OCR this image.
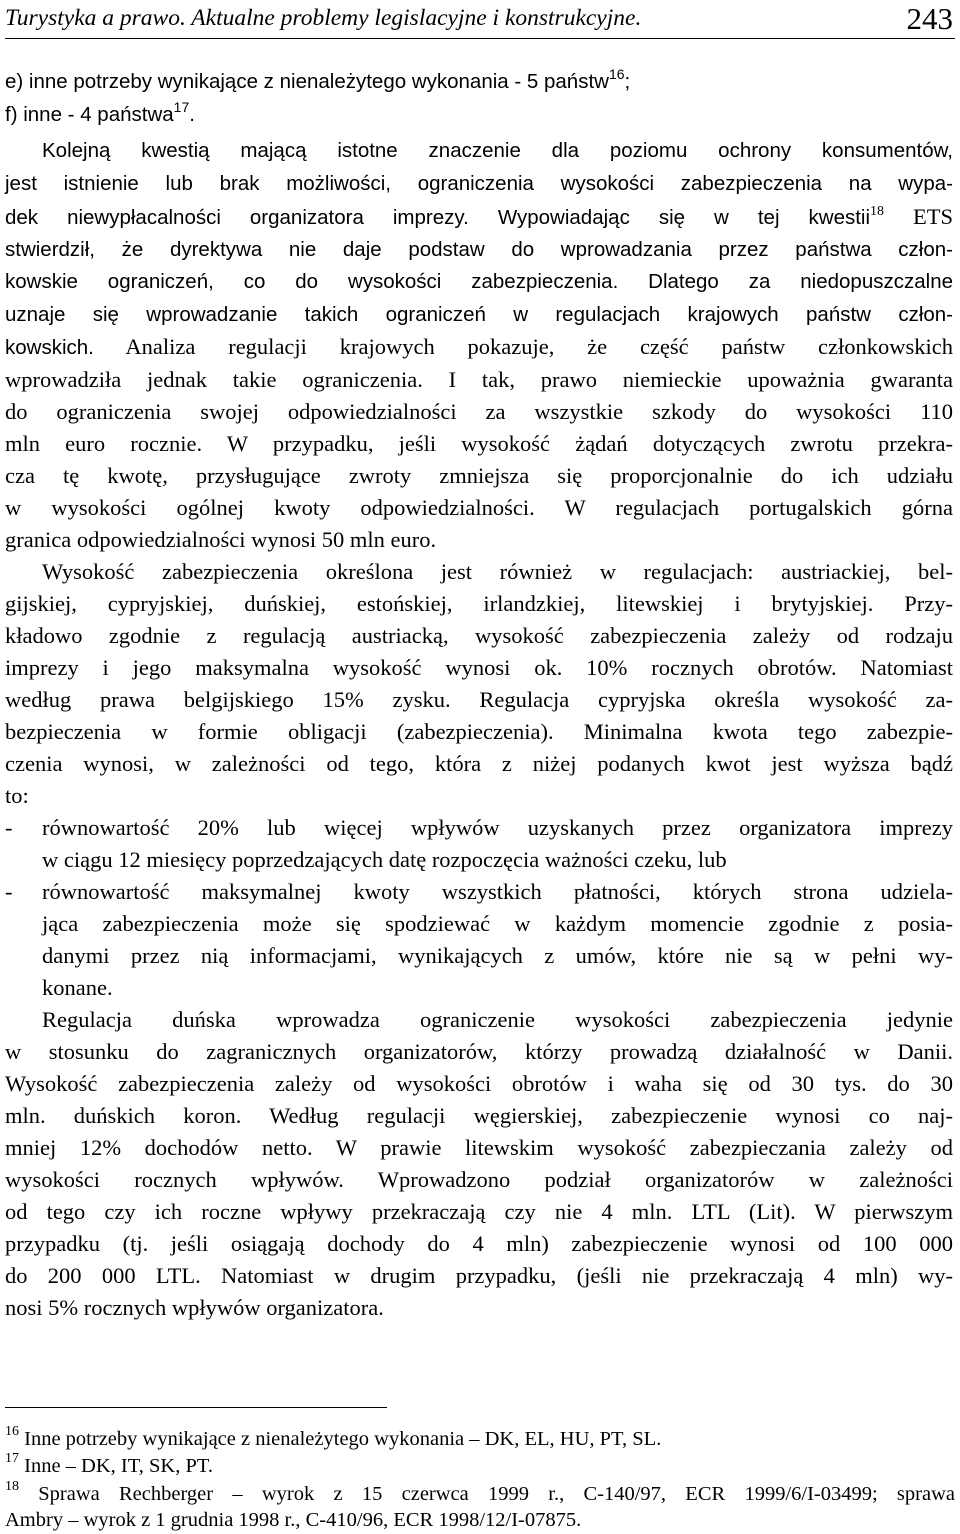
Turystyka a prawo. Aktualne problemy legislacyjne i konstrukcyjne.	243
e) inne potrzeby wynikające z nienależytego wykonania - 5 państw$^{16}$;
f) inne - 4 państwa$^{17}$.
Kolejną kwestią mającą istotne znaczenie dla poziomu ochrony konsumentów,
jest istnienie lub brak możliwości, ograniczenia wysokości zabezpieczenia na wypa-
dek niewypłacalności organizatora imprezy. Wypowiadając się w tej kwestii$^{18}$ ETS
stwierdził, że dyrektywa nie daje podstaw do wprowadzania przez państwa człon-
kowskie ograniczeń, co do wysokości zabezpieczenia. Dlatego za niedopuszczalne
uznaje się wprowadzanie takich ograniczeń w regulacjach krajowych państw człon-
kowskich. Analiza regulacji krajowych pokazuje, że część państw członkowskich
wprowadziła jednak takie ograniczenia. I tak, prawo niemieckie upoważnia gwaranta
do ograniczenia swojej odpowiedzialności za wszystkie szkody do wysokości 110
mln euro rocznie. W przypadku, jeśli wysokość żądań dotyczących zwrotu przekra-
cza tę kwotę, przysługujące zwroty zmniejsza się proporcjonalnie do ich udziału
w wysokości ogólnej kwoty odpowiedzialności. W regulacjach portugalskich górna
granica odpowiedzialności wynosi 50 mln euro.
Wysokość zabezpieczenia określona jest również w regulacjach: austriackiej, bel-
gijskiej, cypryjskiej, duńskiej, estońskiej, irlandzkiej, litewskiej i brytyjskiej. Przy-
kładowo zgodnie z regulacją austriacką, wysokość zabezpieczenia zależy od rodzaju
imprezy i jego maksymalna wysokość wynosi ok. 10% rocznych obrotów. Natomiast
według prawa belgijskiego 15% zysku. Regulacja cypryjska określa wysokość za-
bezpieczenia w formie obligacji (zabezpieczenia). Minimalna kwota tego zabezpie-
czenia wynosi, w zależności od tego, która z niżej podanych kwot jest wyższa bądź
to:
- równowartość 20% lub więcej wpływów uzyskanych przez organizatora imprezy
w ciągu 12 miesięcy poprzedzających datę rozpoczęcia ważności czeku, lub
- równowartość maksymalnej kwoty wszystkich płatności, których strona udziela-
jąca zabezpieczenia może się spodziewać w każdym momencie zgodnie z posia-
danymi przez nią informacjami, wynikających z umów, które nie są w pełni wy-
konane.
Regulacja duńska wprowadza ograniczenie wysokości zabezpieczenia jedynie
w stosunku do zagranicznych organizatorów, którzy prowadzą działalność w Danii.
Wysokość zabezpieczenia zależy od wysokości obrotów i waha się od 30 tys. do 30
mln. duńskich koron. Według regulacji węgierskiej, zabezpieczenie wynosi co naj-
mniej 12% dochodów netto. W prawie litewskim wysokość zabezpieczania zależy od
wysokości rocznych wpływów. Wprowadzono podział organizatorów w zależności
od tego czy ich roczne wpływy przekraczają czy nie 4 mln. LTL (Lit). W pierwszym
przypadku (tj. jeśli osiągają dochody do 4 mln) zabezpieczenie wynosi od 100 000
do 200 000 LTL. Natomiast w drugim przypadku, (jeśli nie przekraczają 4 mln) wy-
nosi 5% rocznych wpływów organizatora.
$^{16}$ Inne potrzeby wynikające z nienależytego wykonania – DK, EL, HU, PT, SL.
$^{17}$ Inne – DK, IT, SK, PT.
$^{18}$ Sprawa Rechberger – wyrok z 15 czerwca 1999 r., C-140/97, ECR 1999/6/I-03499; sprawa
Ambry – wyrok z 1 grudnia 1998 r., C-410/96, ECR 1998/12/I-07875.
